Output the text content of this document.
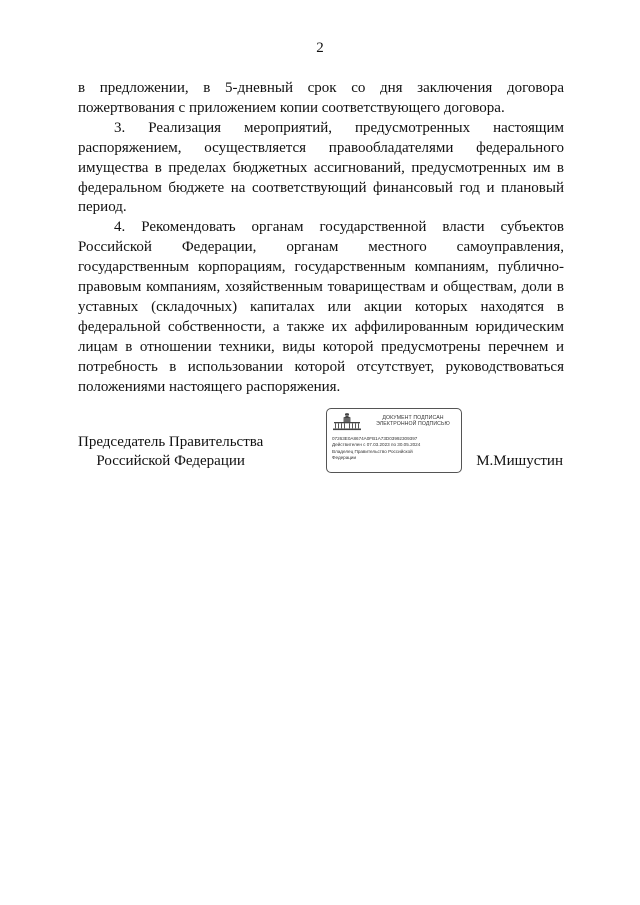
2

в предложении, в 5-дневный срок со дня заключения договора пожертвования с приложением копии соответствующего договора.

3. Реализация мероприятий, предусмотренных настоящим распоряжением, осуществляется правообладателями федерального имущества в пределах бюджетных ассигнований, предусмотренных им в федеральном бюджете на соответствующий финансовый год и плановый период.

4. Рекомендовать органам государственной власти субъектов Российской Федерации, органам местного самоуправления, государственным корпорациям, государственным компаниям, публично-правовым компаниям, хозяйственным товариществам и обществам, доли в уставных (складочных) капиталах или акции которых находятся в федеральной собственности, а также их аффилированным юридическим лицам в отношении техники, виды которой предусмотрены перечнем и потребность в использовании которой отсутствует, руководствоваться положениями настоящего распоряжения.

Председатель Правительства
Российской Федерации
ДОКУМЕНТ ПОДПИСАН
ЭЛЕКТРОННОЙ ПОДПИСЬЮ
07263E0A8674A0FB1A73D03992309397
Действителен с 07.03.2023 по 30.05.2024
Владелец Правительство Российской
Федерации	М.Мишустин
